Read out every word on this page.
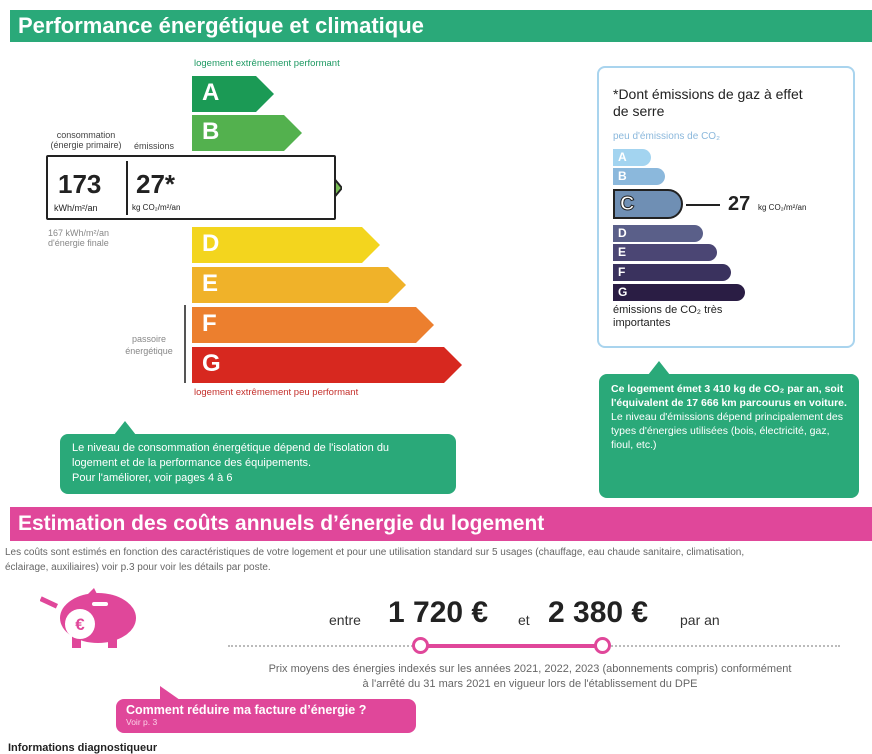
Performance énergétique et climatique
logement extrêmement performant
A
B
D
E
F
G
logement extrêmement peu performant
consommation (énergie primaire)	émissions
173
kWh/m²/an
27*
kg CO₂/m²/an
167 kWh/m²/an d'énergie finale
passoire énergétique
Le niveau de consommation énergétique dépend de l'isolation du
logement et de la performance des équipements.
Pour l'améliorer, voir pages 4 à 6
*Dont émissions de gaz à effet de serre
peu d'émissions de CO₂
A
B
C	27 kg CO₂/m²/an
D
E
F
G
émissions de CO₂ très importantes
Ce logement émet 3 410 kg de CO₂ par an, soit l'équivalent de 17 666 km parcourus en voiture.
Le niveau d'émissions dépend principalement des types d'énergies utilisées (bois, électricité, gaz, fioul, etc.)
Estimation des coûts annuels d’énergie du logement
Les coûts sont estimés en fonction des caractéristiques de votre logement et pour une utilisation standard sur 5 usages (chauffage, eau chaude sanitaire, climatisation,
éclairage, auxiliaires) voir p.3 pour voir les détails par poste.
€	entre 1 720 € et 2 380 € par an
Prix moyens des énergies indexés sur les années 2021, 2022, 2023 (abonnements compris) conformément
à l'arrêté du 31 mars 2021 en vigueur lors de l'établissement du DPE
Comment réduire ma facture d’énergie ?
Voir p. 3
Informations diagnostiqueur
